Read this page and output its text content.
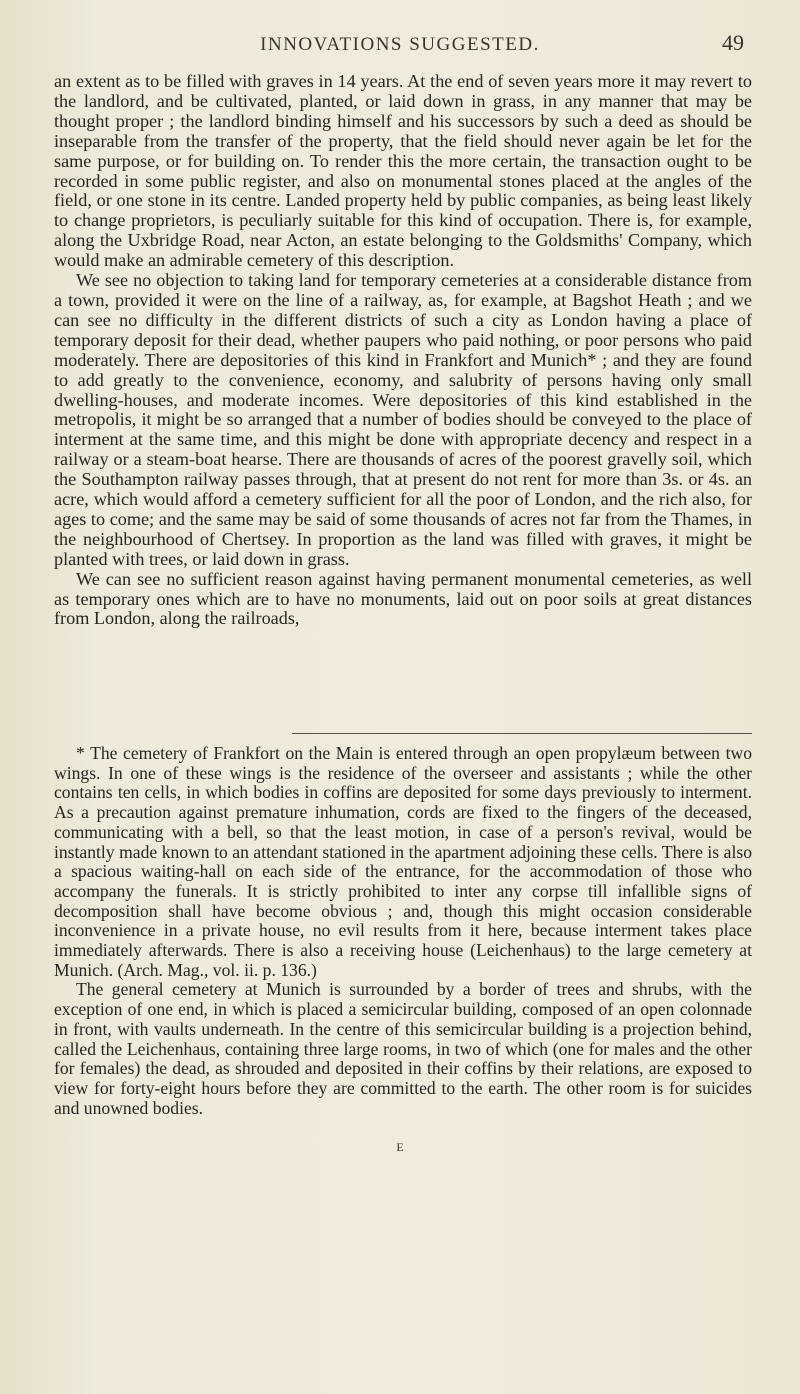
INNOVATIONS SUGGESTED.	49

an extent as to be filled with graves in 14 years. At the end of seven years more it may revert to the landlord, and be cultivated, planted, or laid down in grass, in any manner that may be thought proper ; the landlord binding himself and his successors by such a deed as should be inseparable from the transfer of the property, that the field should never again be let for the same purpose, or for building on. To render this the more certain, the transaction ought to be recorded in some public register, and also on monumental stones placed at the angles of the field, or one stone in its centre. Landed property held by public companies, as being least likely to change proprietors, is peculiarly suitable for this kind of occupation. There is, for example, along the Uxbridge Road, near Acton, an estate belonging to the Goldsmiths' Company, which would make an admirable cemetery of this description.

We see no objection to taking land for temporary cemeteries at a considerable distance from a town, provided it were on the line of a railway, as, for example, at Bagshot Heath ; and we can see no difficulty in the different districts of such a city as London having a place of temporary deposit for their dead, whether paupers who paid nothing, or poor persons who paid moderately. There are depositories of this kind in Frankfort and Munich* ; and they are found to add greatly to the convenience, economy, and salubrity of persons having only small dwelling-houses, and moderate incomes. Were depositories of this kind established in the metropolis, it might be so arranged that a number of bodies should be conveyed to the place of interment at the same time, and this might be done with appropriate decency and respect in a railway or a steam-boat hearse. There are thousands of acres of the poorest gravelly soil, which the Southampton railway passes through, that at present do not rent for more than 3s. or 4s. an acre, which would afford a cemetery sufficient for all the poor of London, and the rich also, for ages to come; and the same may be said of some thousands of acres not far from the Thames, in the neighbourhood of Chertsey. In proportion as the land was filled with graves, it might be planted with trees, or laid down in grass.

We can see no sufficient reason against having permanent monumental cemeteries, as well as temporary ones which are to have no monuments, laid out on poor soils at great distances from London, along the railroads,

* The cemetery of Frankfort on the Main is entered through an open propylæum between two wings. In one of these wings is the residence of the overseer and assistants ; while the other contains ten cells, in which bodies in coffins are deposited for some days previously to interment. As a precaution against premature inhumation, cords are fixed to the fingers of the deceased, communicating with a bell, so that the least motion, in case of a person's revival, would be instantly made known to an attendant stationed in the apartment adjoining these cells. There is also a spacious waiting-hall on each side of the entrance, for the accommodation of those who accompany the funerals. It is strictly prohibited to inter any corpse till infallible signs of decomposition shall have become obvious ; and, though this might occasion considerable inconvenience in a private house, no evil results from it here, because interment takes place immediately afterwards. There is also a receiving house (Leichenhaus) to the large cemetery at Munich. (Arch. Mag., vol. ii. p. 136.)

The general cemetery at Munich is surrounded by a border of trees and shrubs, with the exception of one end, in which is placed a semicircular building, composed of an open colonnade in front, with vaults underneath. In the centre of this semicircular building is a projection behind, called the Leichenhaus, containing three large rooms, in two of which (one for males and the other for females) the dead, as shrouded and deposited in their coffins by their relations, are exposed to view for forty-eight hours before they are committed to the earth. The other room is for suicides and unowned bodies.

E
